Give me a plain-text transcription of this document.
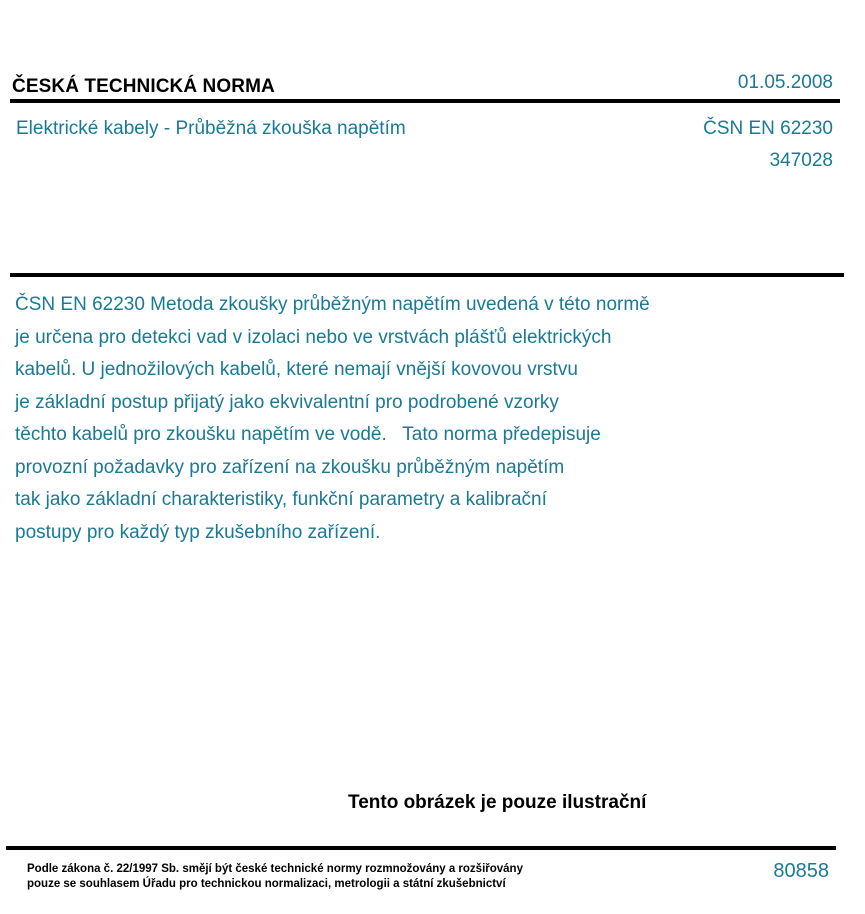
ČESKÁ TECHNICKÁ NORMA	01.05.2008
Elektrické kabely - Průběžná zkouška napětím	ČSN EN 62230
347028
ČSN EN 62230 Metoda zkoušky průběžným napětím uvedená v této normě
je určena pro detekci vad v izolaci nebo ve vrstvách plášťů elektrických
kabelů. U jednožilových kabelů, které nemají vnější kovovou vrstvu
je základní postup přijatý jako ekvivalentní pro podrobené vzorky
těchto kabelů pro zkoušku napětím ve vodě.   Tato norma předepisuje
provozní požadavky pro zařízení na zkoušku průběžným napětím
tak jako základní charakteristiky, funkční parametry a kalibrační
postupy pro každý typ zkušebního zařízení.
Tento obrázek je pouze ilustrační
Podle zákona č. 22/1997 Sb. smějí být české technické normy rozmnožovány a rozšiřovány
pouze se souhlasem Úřadu pro technickou normalizaci, metrologii a státní zkušebnictví
80858
